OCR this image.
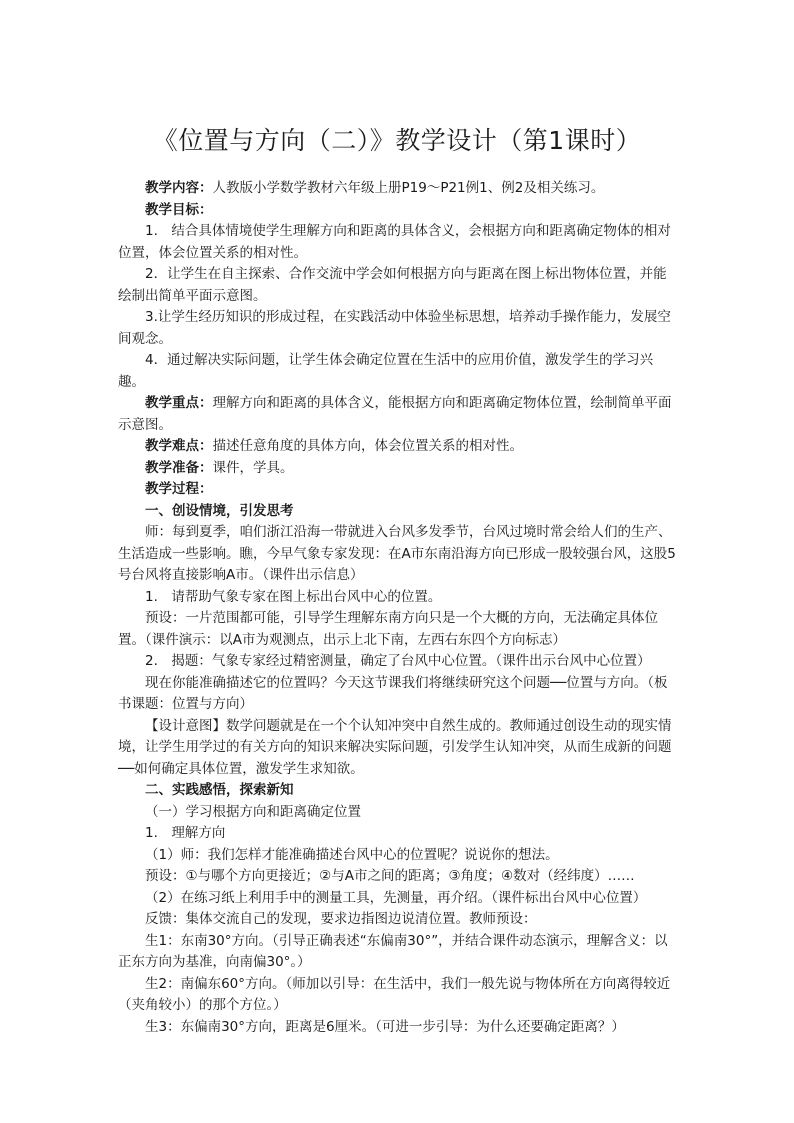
《位置与方向（二）》教学设计（第1课时）

教学内容：人教版小学数学教材六年级上册P19～P21例1、例2及相关练习。

教学目标：

1.　结合具体情境使学生理解方向和距离的具体含义，会根据方向和距离确定物体的相对位置，体会位置关系的相对性。

2．让学生在自主探索、合作交流中学会如何根据方向与距离在图上标出物体位置，并能绘制出简单平面示意图。

3.让学生经历知识的形成过程，在实践活动中体验坐标思想，培养动手操作能力，发展空间观念。

4．通过解决实际问题，让学生体会确定位置在生活中的应用价值，激发学生的学习兴趣。

教学重点：理解方向和距离的具体含义，能根据方向和距离确定物体位置，绘制简单平面示意图。

教学难点：描述任意角度的具体方向，体会位置关系的相对性。

教学准备：课件，学具。

教学过程：

一、创设情境，引发思考

师：每到夏季，咱们浙江沿海一带就进入台风多发季节，台风过境时常会给人们的生产、生活造成一些影响。瞧，今早气象专家发现：在A市东南沿海方向已形成一股较强台风，这股5号台风将直接影响A市。（课件出示信息）

1.　请帮助气象专家在图上标出台风中心的位置。

预设：一片范围都可能，引导学生理解东南方向只是一个大概的方向，无法确定具体位置。（课件演示：以A市为观测点，出示上北下南，左西右东四个方向标志）

2.　揭题：气象专家经过精密测量，确定了台风中心位置。（课件出示台风中心位置）

现在你能准确描述它的位置吗？今天这节课我们将继续研究这个问题──位置与方向。（板书课题：位置与方向）

【设计意图】数学问题就是在一个个认知冲突中自然生成的。教师通过创设生动的现实情境，让学生用学过的有关方向的知识来解决实际问题，引发学生认知冲突，从而生成新的问题──如何确定具体位置，激发学生求知欲。

二、实践感悟，探索新知

（一）学习根据方向和距离确定位置

1.　理解方向

（1）师：我们怎样才能准确描述台风中心的位置呢？说说你的想法。

预设：①与哪个方向更接近；②与A市之间的距离；③角度；④数对（经纬度）……

（2）在练习纸上利用手中的测量工具，先测量，再介绍。（课件标出台风中心位置）

反馈：集体交流自己的发现，要求边指图边说清位置。教师预设：

生1：东南30°方向。（引导正确表述“东偏南30°”，并结合课件动态演示，理解含义：以正东方向为基准，向南偏30°。）

生2：南偏东60°方向。（师加以引导：在生活中，我们一般先说与物体所在方向离得较近（夹角较小）的那个方位。）

生3：东偏南30°方向，距离是6厘米。（可进一步引导：为什么还要确定距离？）
